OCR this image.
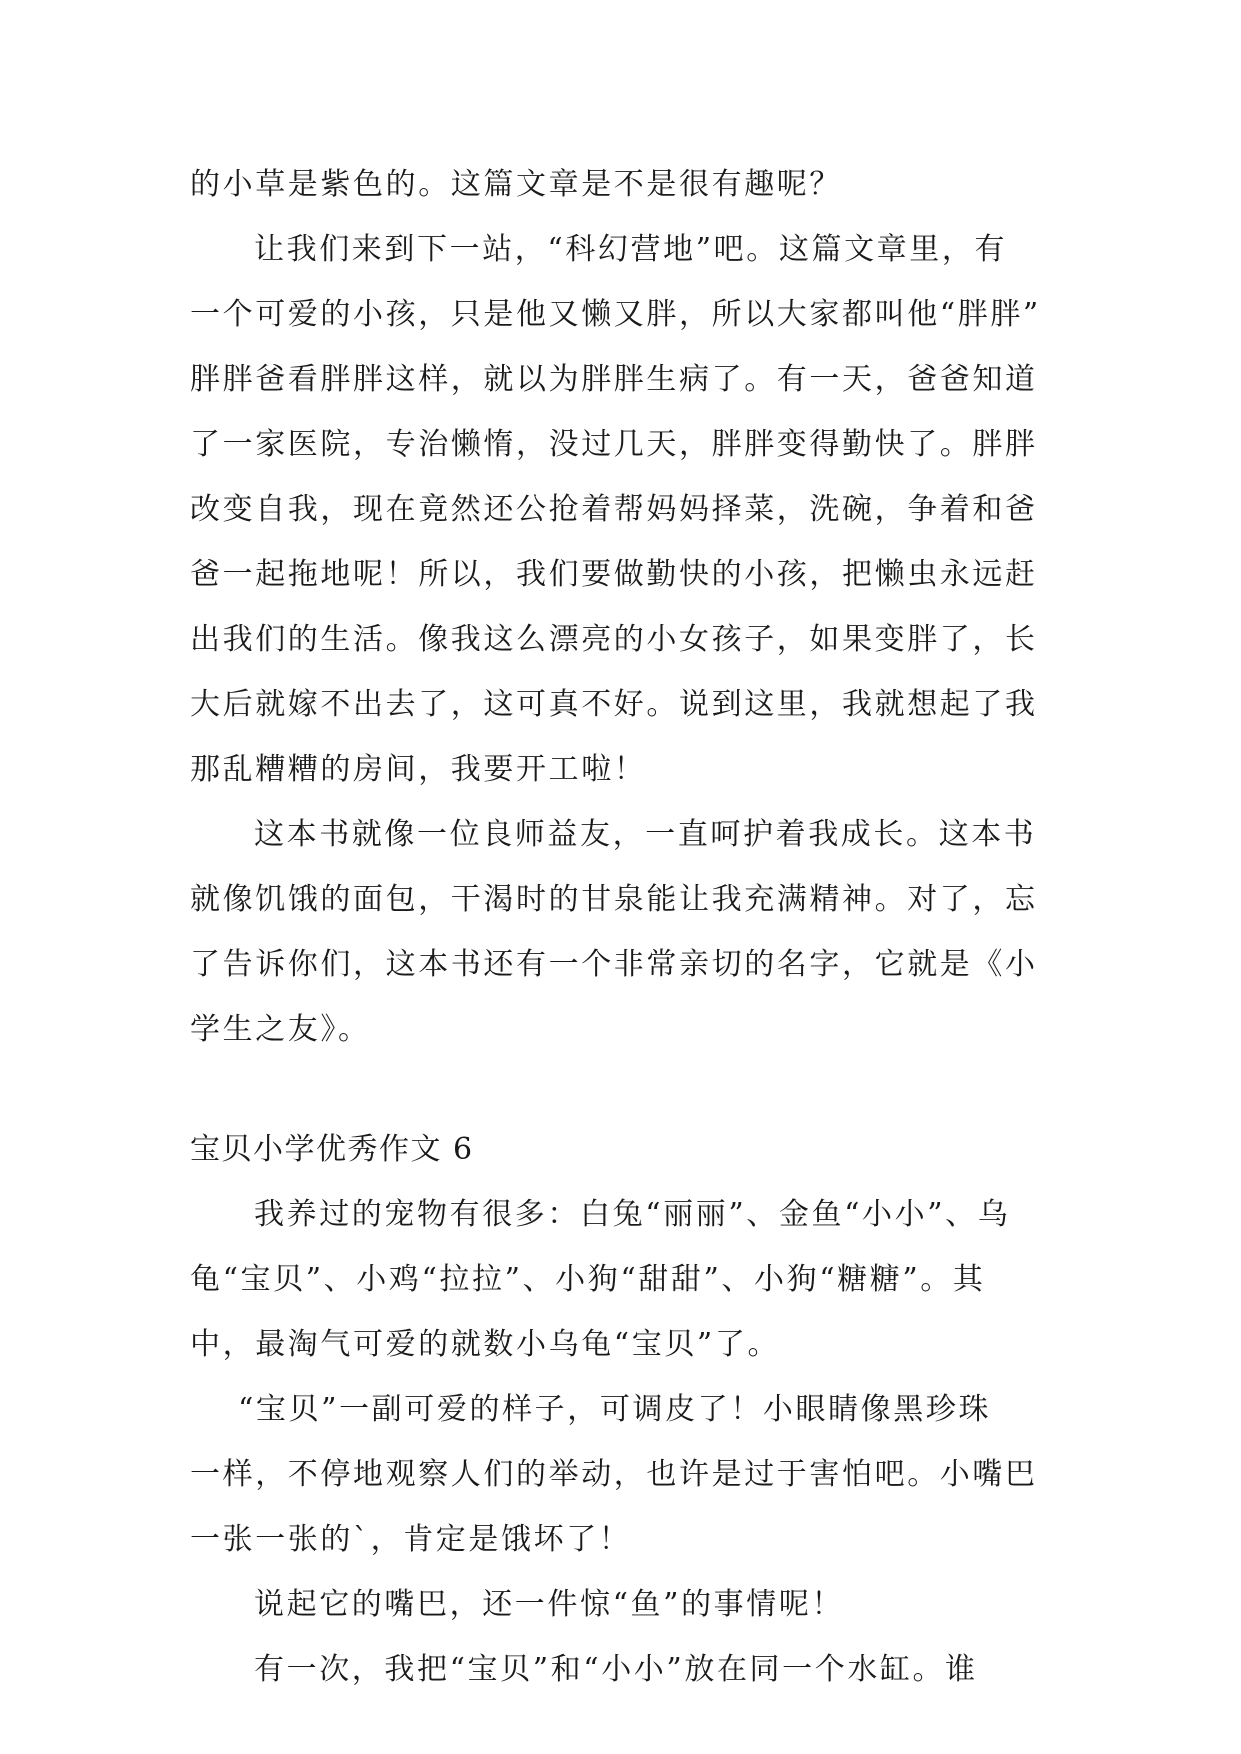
的小草是紫色的。这篇文章是不是很有趣呢？
让我们来到下一站，“科幻营地”吧。这篇文章里，有
一个可爱的小孩，只是他又懒又胖，所以大家都叫他“胖胖”
胖胖爸看胖胖这样，就以为胖胖生病了。有一天，爸爸知道
了一家医院，专治懒惰，没过几天，胖胖变得勤快了。胖胖
改变自我，现在竟然还公抢着帮妈妈择菜，洗碗，争着和爸
爸一起拖地呢！所以，我们要做勤快的小孩，把懒虫永远赶
出我们的生活。像我这么漂亮的小女孩子，如果变胖了，长
大后就嫁不出去了，这可真不好。说到这里，我就想起了我
那乱糟糟的房间，我要开工啦！
这本书就像一位良师益友，一直呵护着我成长。这本书
就像饥饿的面包，干渴时的甘泉能让我充满精神。对了，忘
了告诉你们，这本书还有一个非常亲切的名字，它就是《小
学生之友》。
宝贝小学优秀作文 6
我养过的宠物有很多：白兔“丽丽”、金鱼“小小”、乌
龟“宝贝”、小鸡“拉拉”、小狗“甜甜”、小狗“糖糖”。其
中，最淘气可爱的就数小乌龟“宝贝”了。
“宝贝”一副可爱的样子，可调皮了！小眼睛像黑珍珠
一样，不停地观察人们的举动，也许是过于害怕吧。小嘴巴
一张一张的`，肯定是饿坏了！
说起它的嘴巴，还一件惊“鱼”的事情呢！
有一次，我把“宝贝”和“小小”放在同一个水缸。谁
